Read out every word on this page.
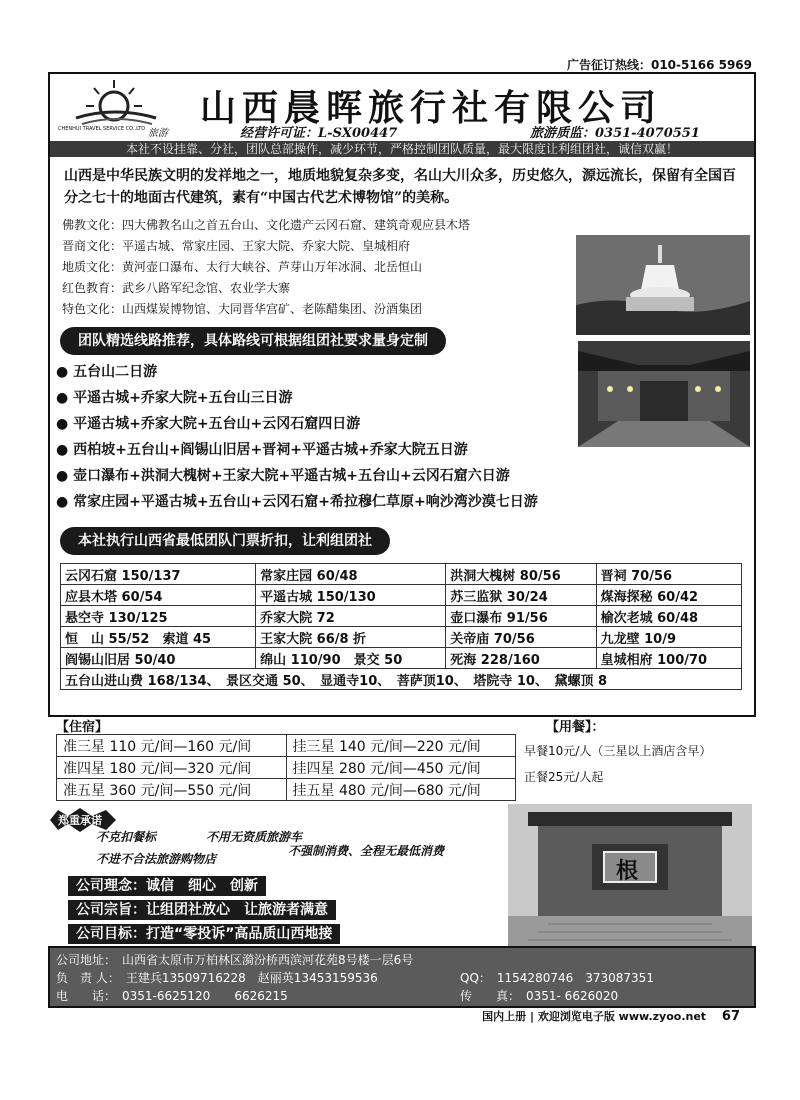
广告征订热线：010-5166 5969
CHENHUI TRAVEL SERVICE CO.,LTD 旅游
山西晨晖旅行社有限公司
经营许可证：L-SX00447	旅游质监：0351-4070551
本社不设挂靠、分社，团队总部操作，减少环节，严格控制团队质量，最大限度让利组团社，诚信双赢！
山西是中华民族文明的发祥地之一，地质地貌复杂多变，名山大川众多，历史悠久，源远流长，保留有全国百分之七十的地面古代建筑，素有“中国古代艺术博物馆”的美称。
佛教文化：四大佛教名山之首五台山、文化遗产云冈石窟、建筑奇观应县木塔
晋商文化：平遥古城、常家庄园、王家大院、乔家大院、皇城相府
地质文化：黄河壶口瀑布、太行大峡谷、芦芽山万年冰洞、北岳恒山
红色教育：武乡八路军纪念馆、农业学大寨
特色文化：山西煤炭博物馆、大同晋华宫矿、老陈醋集团、汾酒集团
团队精选线路推荐，具体路线可根据组团社要求量身定制
● 五台山二日游
● 平遥古城+乔家大院+五台山三日游
● 平遥古城+乔家大院+五台山+云冈石窟四日游
● 西柏坡+五台山+阎锡山旧居+晋祠+平遥古城+乔家大院五日游
● 壶口瀑布+洪洞大槐树+王家大院+平遥古城+五台山+云冈石窟六日游
● 常家庄园+平遥古城+五台山+云冈石窟+希拉穆仁草原+响沙湾沙漠七日游
本社执行山西省最低团队门票折扣，让利组团社
云冈石窟 150/137	常家庄园 60/48	洪洞大槐树 80/56	晋祠 70/56
应县木塔 60/54	平遥古城 150/130	苏三监狱 30/24	煤海探秘 60/42
悬空寺 130/125	乔家大院 72	壶口瀑布 91/56	榆次老城 60/48
恒　山 55/52　索道 45	王家大院 66/8 折	关帝庙 70/56	九龙壁 10/9
阎锡山旧居 50/40	绵山 110/90　景交 50	死海 228/160	皇城相府 100/70
五台山进山费 168/134、　景区交通 50、　显通寺10、　菩萨顶10、　塔院寺 10、　黛螺顶 8			
【住宿】
准三星 110 元/间—160 元/间	挂三星 140 元/间—220 元/间
准四星 180 元/间—320 元/间	挂四星 280 元/间—450 元/间
准五星 360 元/间—550 元/间	挂五星 480 元/间—680 元/间
【用餐】：
早餐10元/人（三星以上酒店含早）
正餐25元/人起
郑重承诺
不克扣餐标	不用无资质旅游车
不进不合法旅游购物店
不强制消费、全程无最低消费
公司理念：诚信　细心　创新
公司宗旨：让组团社放心　让旅游者满意
公司目标：打造“零投诉”高品质山西地接
根
公司地址：　山西省太原市万柏林区漪汾桥西滨河花苑8号楼一层6号
负　责 人：　王建兵13509716228　赵丽英13453159536	QQ：　1154280746　373087351
电　　话：　0351-6625120　　6626215	传　　真：　0351- 6626020
国内上册 | 欢迎浏览电子版 www.zyoo.net 67
